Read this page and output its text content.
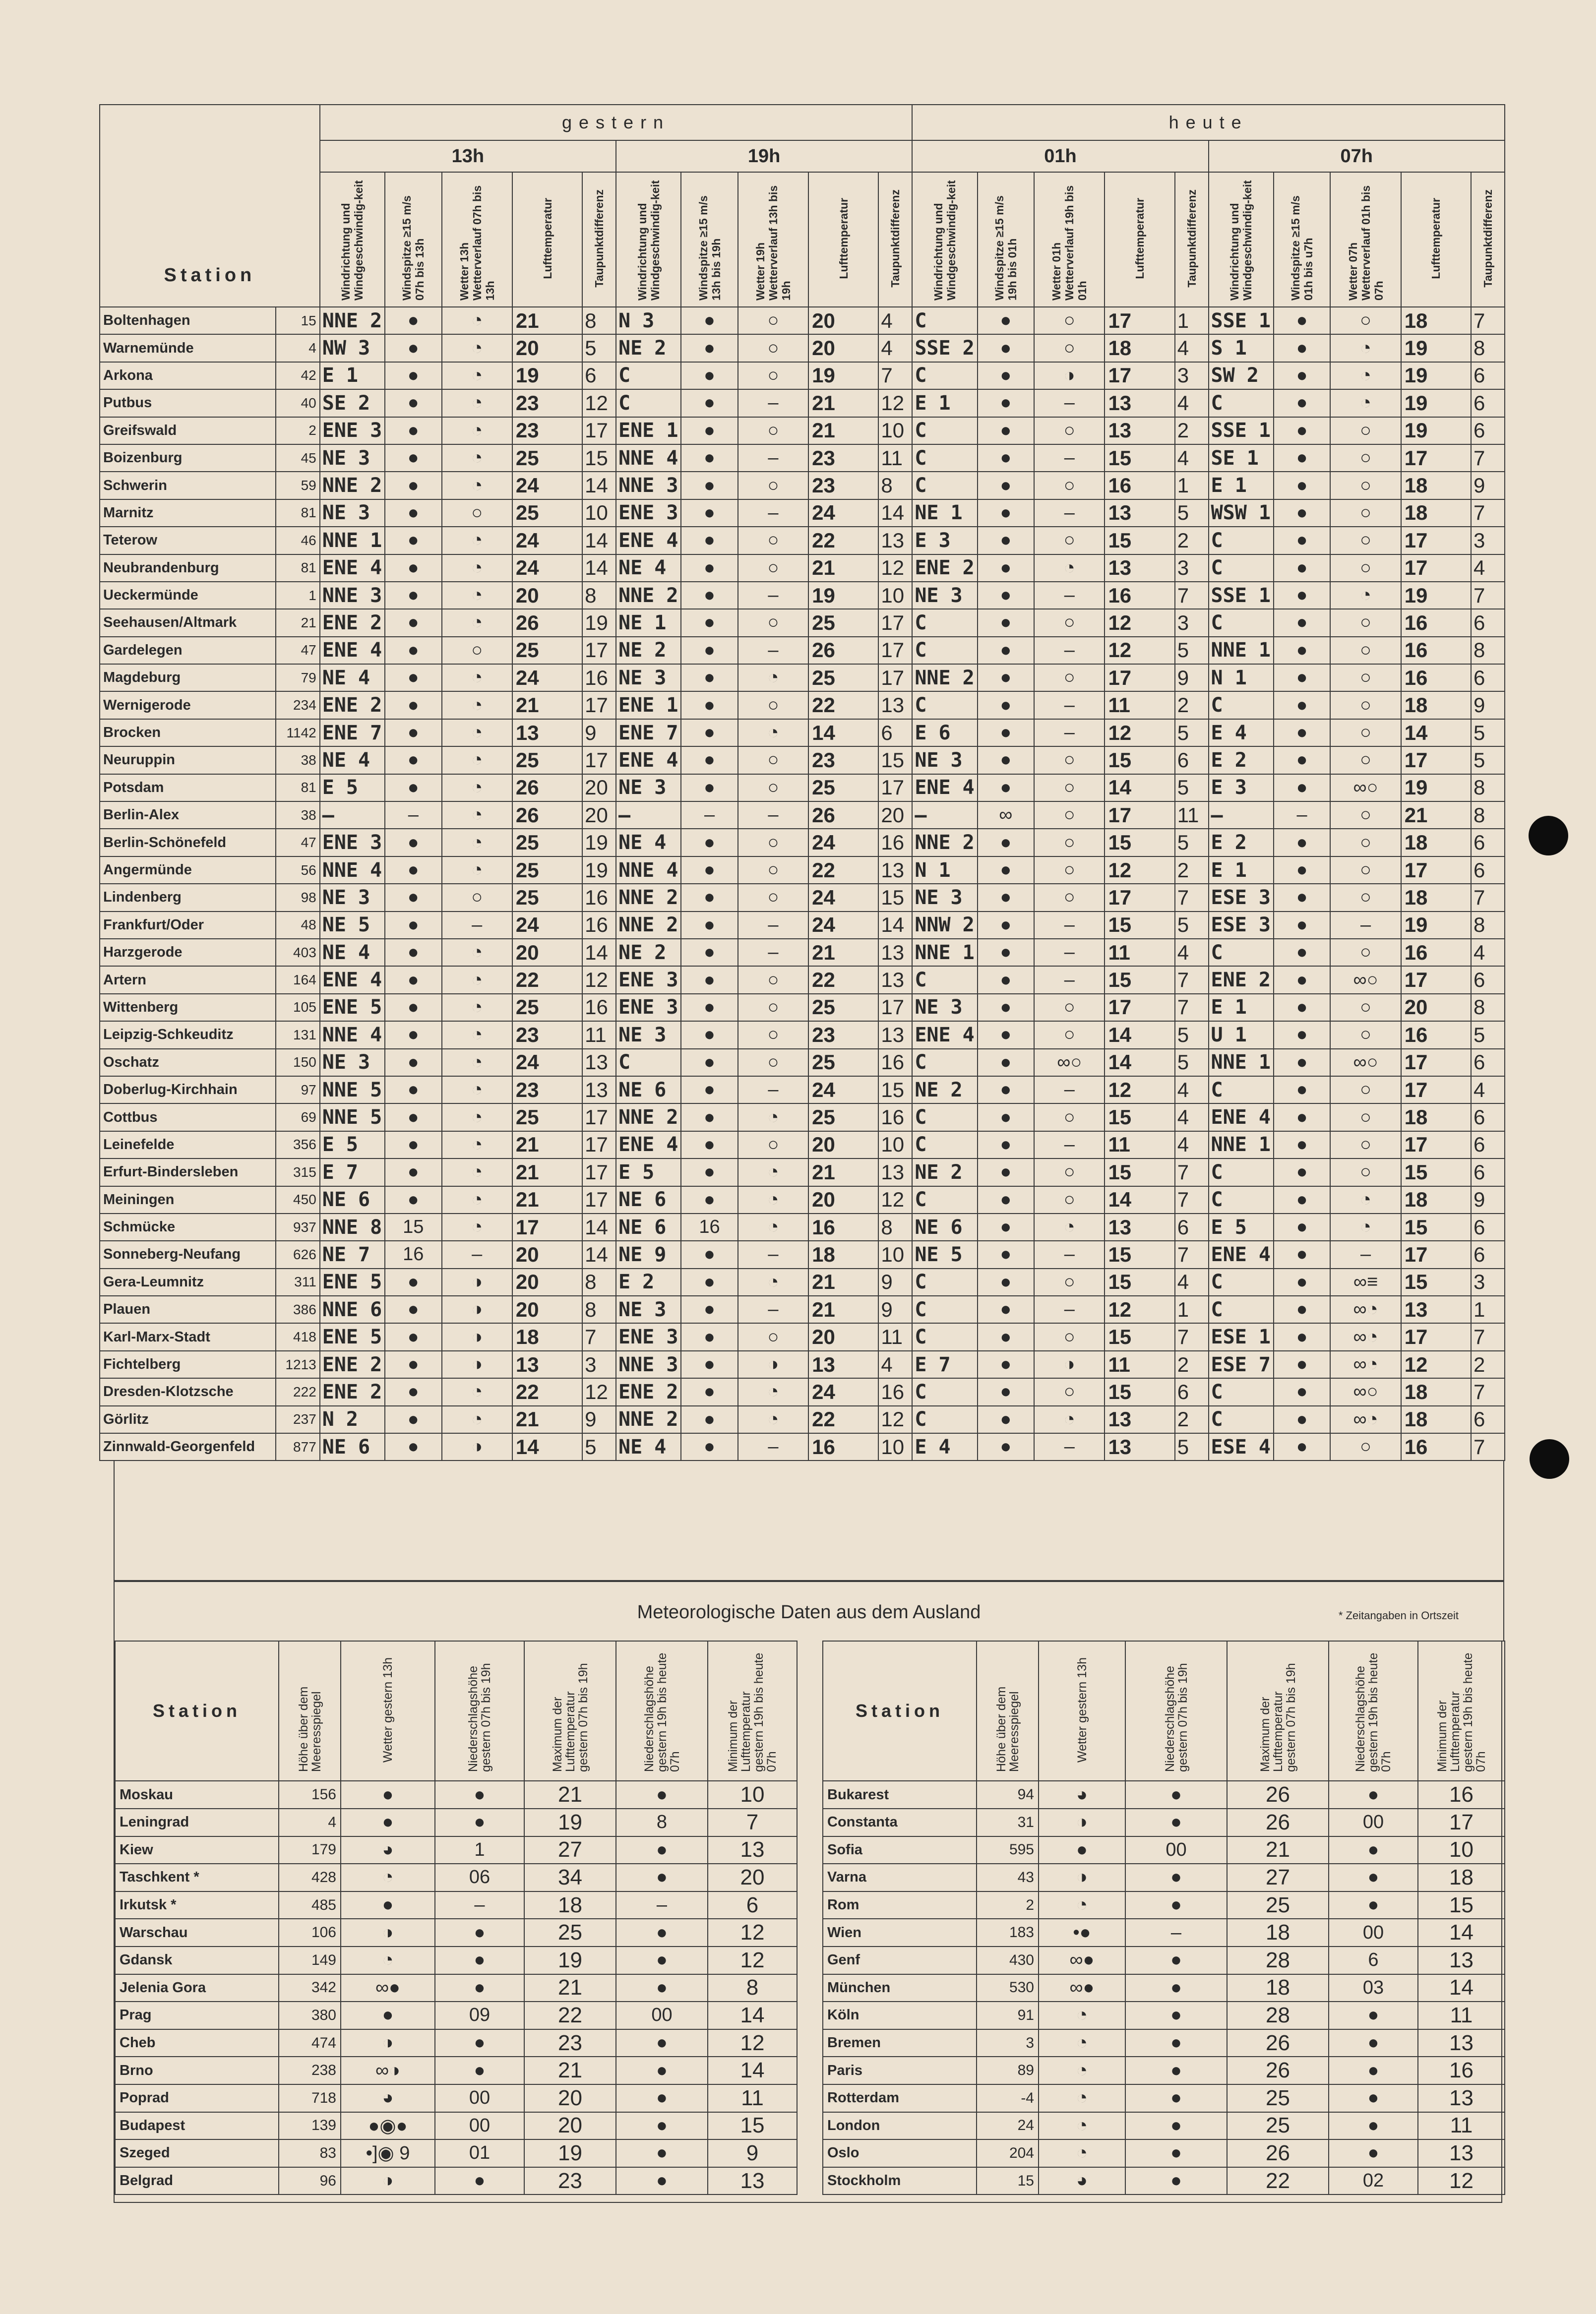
Station		gestern										heute									
		13h					19h					01h					07h				
		Windrichtung und Windgeschwindig-keit	Windspitze ≥15 m/s 07h bis 13h	Wetter 13h Wetterverlauf 07h bis 13h	Lufttemperatur	Taupunktdifferenz	Windrichtung und Windgeschwindig-keit	Windspitze ≥15 m/s 13h bis 19h	Wetter 19h Wetterverlauf 13h bis 19h	Lufttemperatur	Taupunktdifferenz	Windrichtung und Windgeschwindig-keit	Windspitze ≥15 m/s 19h bis 01h	Wetter 01h Wetterverlauf 19h bis 01h	Lufttemperatur	Taupunktdifferenz	Windrichtung und Windgeschwindig-keit	Windspitze ≥15 m/s 01h bis u7h	Wetter 07h Wetterverlauf 01h bis 07h	Lufttemperatur	Taupunktdifferenz
Boltenhagen	15	NNE 2	●	◔	21	8	N 3	●	○	20	4	C	●	○	17	1	SSE 1	●	○	18	7
Warnemünde	4	NW 3	●	◔	20	5	NE 2	●	○	20	4	SSE 2	●	○	18	4	S 1	●	◔	19	8
Arkona	42	E 1	●	◔	19	6	C	●	○	19	7	C	●	◑	17	3	SW 2	●	◔	19	6
Putbus	40	SE 2	●	◔	23	12	C	●	–	21	12	E 1	●	–	13	4	C	●	◔	19	6
Greifswald	2	ENE 3	●	◔	23	17	ENE 1	●	○	21	10	C	●	○	13	2	SSE 1	●	○	19	6
Boizenburg	45	NE 3	●	◔	25	15	NNE 4	●	–	23	11	C	●	–	15	4	SE 1	●	○	17	7
Schwerin	59	NNE 2	●	◔	24	14	NNE 3	●	○	23	8	C	●	○	16	1	E 1	●	○	18	9
Marnitz	81	NE 3	●	○	25	10	ENE 3	●	–	24	14	NE 1	●	–	13	5	WSW 1	●	○	18	7
Teterow	46	NNE 1	●	◔	24	14	ENE 4	●	○	22	13	E 3	●	○	15	2	C	●	○	17	3
Neubrandenburg	81	ENE 4	●	◔	24	14	NE 4	●	○	21	12	ENE 2	●	◔	13	3	C	●	○	17	4
Ueckermünde	1	NNE 3	●	◔	20	8	NNE 2	●	–	19	10	NE 3	●	–	16	7	SSE 1	●	◔	19	7
Seehausen/Altmark	21	ENE 2	●	◔	26	19	NE 1	●	○	25	17	C	●	○	12	3	C	●	○	16	6
Gardelegen	47	ENE 4	●	○	25	17	NE 2	●	–	26	17	C	●	–	12	5	NNE 1	●	○	16	8
Magdeburg	79	NE 4	●	◔	24	16	NE 3	●	◔	25	17	NNE 2	●	○	17	9	N 1	●	○	16	6
Wernigerode	234	ENE 2	●	◔	21	17	ENE 1	●	○	22	13	C	●	–	11	2	C	●	○	18	9
Brocken	1142	ENE 7	●	◔	13	9	ENE 7	●	◔	14	6	E 6	●	–	12	5	E 4	●	○	14	5
Neuruppin	38	NE 4	●	◔	25	17	ENE 4	●	○	23	15	NE 3	●	○	15	6	E 2	●	○	17	5
Potsdam	81	E 5	●	◔	26	20	NE 3	●	○	25	17	ENE 4	●	○	14	5	E 3	●	∞○	19	8
Berlin-Alex	38	–	–	◔	26	20	–	–	–	26	20	–	∞	○	17	11	–	–	○	21	8
Berlin-Schönefeld	47	ENE 3	●	◔	25	19	NE 4	●	○	24	16	NNE 2	●	○	15	5	E 2	●	○	18	6
Angermünde	56	NNE 4	●	◔	25	19	NNE 4	●	○	22	13	N 1	●	○	12	2	E 1	●	○	17	6
Lindenberg	98	NE 3	●	○	25	16	NNE 2	●	○	24	15	NE 3	●	○	17	7	ESE 3	●	○	18	7
Frankfurt/Oder	48	NE 5	●	–	24	16	NNE 2	●	–	24	14	NNW 2	●	–	15	5	ESE 3	●	–	19	8
Harzgerode	403	NE 4	●	◔	20	14	NE 2	●	–	21	13	NNE 1	●	–	11	4	C	●	○	16	4
Artern	164	ENE 4	●	◔	22	12	ENE 3	●	○	22	13	C	●	–	15	7	ENE 2	●	∞○	17	6
Wittenberg	105	ENE 5	●	◔	25	16	ENE 3	●	○	25	17	NE 3	●	○	17	7	E 1	●	○	20	8
Leipzig-Schkeuditz	131	NNE 4	●	◔	23	11	NE 3	●	○	23	13	ENE 4	●	○	14	5	U 1	●	○	16	5
Oschatz	150	NE 3	●	◔	24	13	C	●	○	25	16	C	●	∞○	14	5	NNE 1	●	∞○	17	6
Doberlug-Kirchhain	97	NNE 5	●	◔	23	13	NE 6	●	–	24	15	NE 2	●	–	12	4	C	●	○	17	4
Cottbus	69	NNE 5	●	◔	25	17	NNE 2	●	◔	25	16	C	●	○	15	4	ENE 4	●	○	18	6
Leinefelde	356	E 5	●	◔	21	17	ENE 4	●	○	20	10	C	●	–	11	4	NNE 1	●	○	17	6
Erfurt-Bindersleben	315	E 7	●	◔	21	17	E 5	●	◔	21	13	NE 2	●	○	15	7	C	●	○	15	6
Meiningen	450	NE 6	●	◔	21	17	NE 6	●	◔	20	12	C	●	○	14	7	C	●	◔	18	9
Schmücke	937	NNE 8	15	◔	17	14	NE 6	16	◔	16	8	NE 6	●	◔	13	6	E 5	●	◔	15	6
Sonneberg-Neufang	626	NE 7	16	–	20	14	NE 9	●	–	18	10	NE 5	●	–	15	7	ENE 4	●	–	17	6
Gera-Leumnitz	311	ENE 5	●	◑	20	8	E 2	●	◔	21	9	C	●	○	15	4	C	●	∞≡	15	3
Plauen	386	NNE 6	●	◑	20	8	NE 3	●	–	21	9	C	●	–	12	1	C	●	∞◔	13	1
Karl-Marx-Stadt	418	ENE 5	●	◑	18	7	ENE 3	●	○	20	11	C	●	○	15	7	ESE 1	●	∞◔	17	7
Fichtelberg	1213	ENE 2	●	◑	13	3	NNE 3	●	◑	13	4	E 7	●	◑	11	2	ESE 7	●	∞◔	12	2
Dresden-Klotzsche	222	ENE 2	●	◔	22	12	ENE 2	●	◔	24	16	C	●	○	15	6	C	●	∞○	18	7
Görlitz	237	N 2	●	◔	21	9	NNE 2	●	◔	22	12	C	●	◔	13	2	C	●	∞◔	18	6
Zinnwald-Georgenfeld	877	NE 6	●	◑	14	5	NE 4	●	–	16	10	E 4	●	–	13	5	ESE 4	●	○	16	7
Meteorologische Daten aus dem Ausland	* Zeitangaben in Ortszeit
Station	Höhe über dem Meeresspiegel	Wetter gestern 13h	Niederschlagshöhe gestern 07h bis 19h	Maximum der Lufttemperatur gestern 07h bis 19h	Niederschlagshöhe gestern 19h bis heute 07h	Minimum der Lufttemperatur gestern 19h bis heute 07h
Moskau	156	●	●	21	●	10
Leningrad	4	●	●	19	8	7
Kiew	179	◕	1	27	●	13
Taschkent *	428	◔	06	34	●	20
Irkutsk *	485	●	–	18	–	6
Warschau	106	◑	●	25	●	12
Gdansk	149	◔	●	19	●	12
Jelenia Gora	342	∞●	●	21	●	8
Prag	380	●	09	22	00	14
Cheb	474	◑	●	23	●	12
Brno	238	∞◑	●	21	●	14
Poprad	718	◕	00	20	●	11
Budapest	139	●◉●	00	20	●	15
Szeged	83	•]◉ 9	01	19	●	9
Belgrad	96	◑	●	23	●	13
Station	Höhe über dem Meeresspiegel	Wetter gestern 13h	Niederschlagshöhe gestern 07h bis 19h	Maximum der Lufttemperatur gestern 07h bis 19h	Niederschlagshöhe gestern 19h bis heute 07h	Minimum der Lufttemperatur gestern 19h bis heute 07h
Bukarest	94	◕	●	26	●	16
Constanta	31	◑	●	26	00	17
Sofia	595	●	00	21	●	10
Varna	43	◑	●	27	●	18
Rom	2	◔	●	25	●	15
Wien	183	•●	–	18	00	14
Genf	430	∞●	●	28	6	13
München	530	∞●	●	18	03	14
Köln	91	◔	●	28	●	11
Bremen	3	◔	●	26	●	13
Paris	89	◔	●	26	●	16
Rotterdam	-4	◔	●	25	●	13
London	24	◔	●	25	●	11
Oslo	204	◔	●	26	●	13
Stockholm	15	◕	●	22	02	12
